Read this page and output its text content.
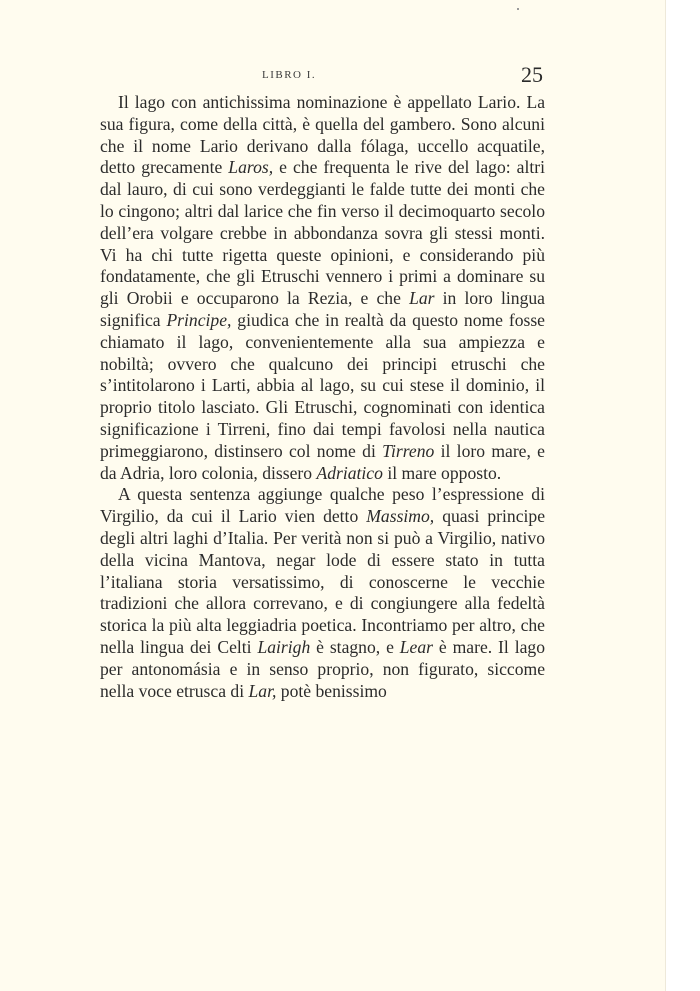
LIBRO I.	25

Il lago con antichissima nominazione è appellato Lario. La sua figura, come della città, è quella del gambero. Sono alcuni che il nome Lario derivano dalla fólaga, uccello acquatile, detto grecamente Laros, e che frequenta le rive del lago: altri dal lauro, di cui sono verdeggianti le falde tutte dei monti che lo cingono; altri dal larice che fin verso il decimoquarto secolo dell’era volgare crebbe in abbondanza sovra gli stessi monti. Vi ha chi tutte rigetta queste opinioni, e considerando più fondatamente, che gli Etruschi vennero i primi a dominare su gli Orobii e occuparono la Rezia, e che Lar in loro lingua significa Principe, giudica che in realtà da questo nome fosse chiamato il lago, convenientemente alla sua ampiezza e nobiltà; ovvero che qualcuno dei principi etruschi che s’intitolarono i Larti, abbia al lago, su cui stese il dominio, il proprio titolo lasciato. Gli Etruschi, cognominati con identica significazione i Tirreni, fino dai tempi favolosi nella nautica primeggiarono, distinsero col nome di Tirreno il loro mare, e da Adria, loro colonia, dissero Adriatico il mare opposto.

A questa sentenza aggiunge qualche peso l’espressione di Virgilio, da cui il Lario vien detto Massimo, quasi principe degli altri laghi d’Italia. Per verità non si può a Virgilio, nativo della vicina Mantova, negar lode di essere stato in tutta l’italiana storia versatissimo, di conoscerne le vecchie tradizioni che allora correvano, e di congiungere alla fedeltà storica la più alta leggiadria poetica. Incontriamo per altro, che nella lingua dei Celti Lairigh è stagno, e Lear è mare. Il lago per antonomásia e in senso proprio, non figurato, siccome nella voce etrusca di Lar, potè benissimo
